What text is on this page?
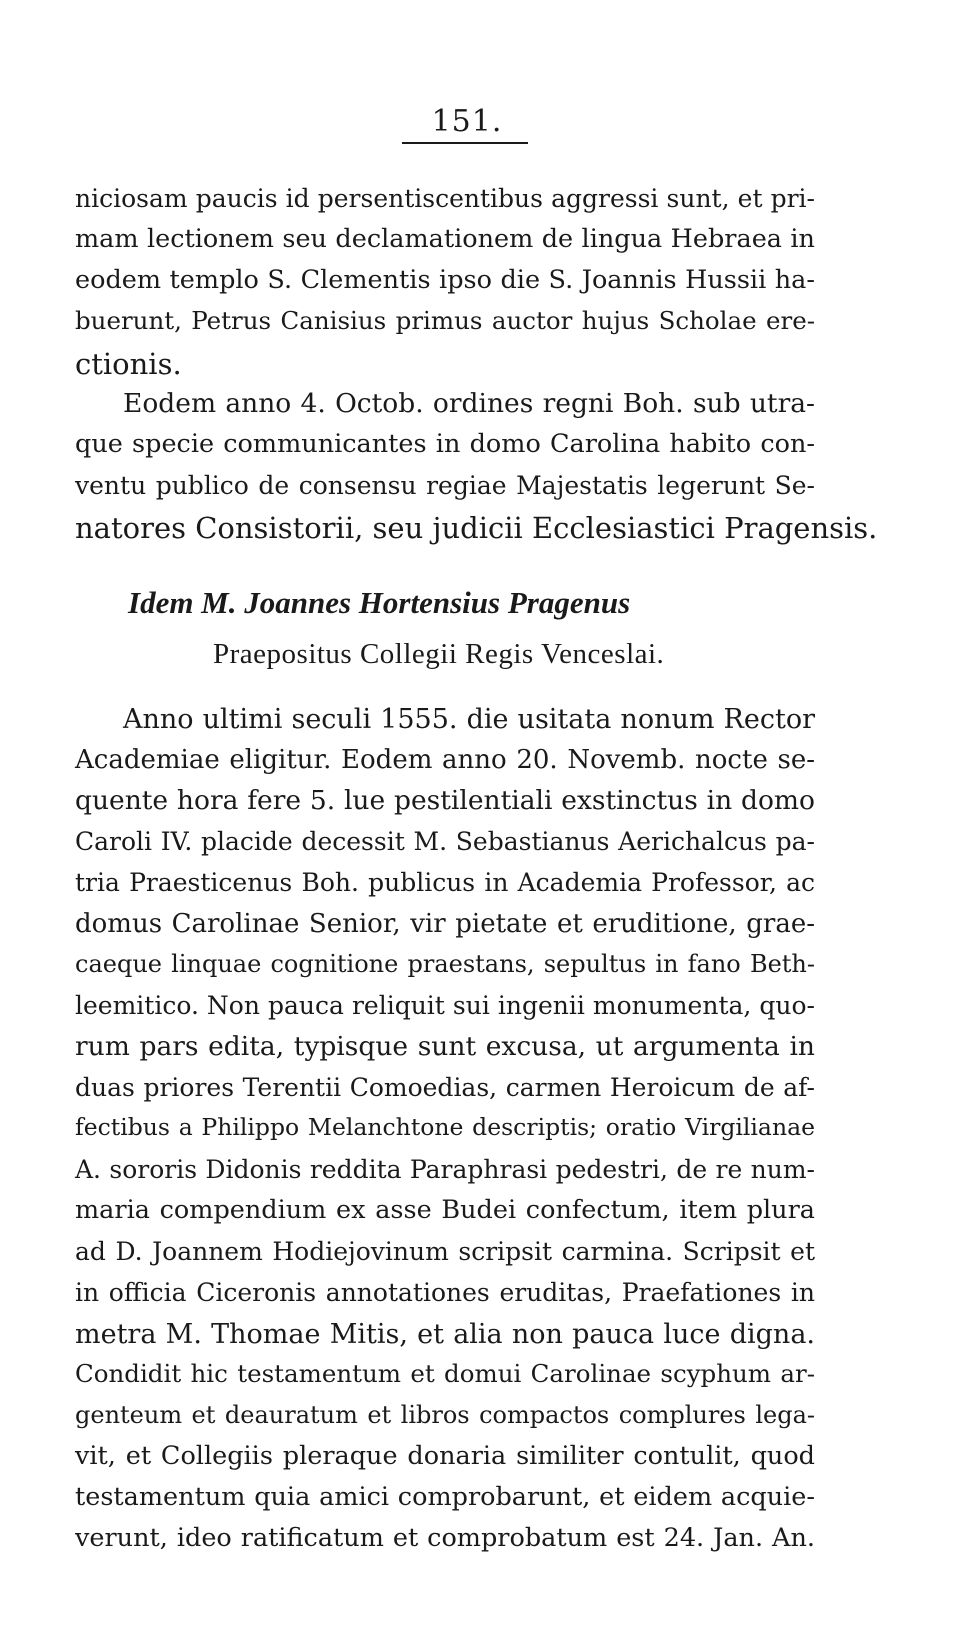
151.
niciosam paucis id persentiscentibus aggressi sunt, et pri-
mam lectionem seu declamationem de lingua Hebraea in
eodem templo S. Clementis ipso die S. Joannis Hussii ha-
buerunt, Petrus Canisius primus auctor hujus Scholae ere-
ctionis.
Eodem anno 4. Octob. ordines regni Boh. sub utra-
que specie communicantes in domo Carolina habito con-
ventu publico de consensu regiae Majestatis legerunt Se-
natores Consistorii, seu judicii Ecclesiastici Pragensis.
Idem M. Joannes Hortensius Pragenus
Praepositus Collegii Regis Venceslai.
Anno ultimi seculi 1555. die usitata nonum Rector
Academiae eligitur. Eodem anno 20. Novemb. nocte se-
quente hora fere 5. lue pestilentiali exstinctus in domo
Caroli IV. placide decessit M. Sebastianus Aerichalcus pa-
tria Praesticenus Boh. publicus in Academia Professor, ac
domus Carolinae Senior, vir pietate et eruditione, grae-
caeque linquae cognitione praestans, sepultus in fano Beth-
leemitico. Non pauca reliquit sui ingenii monumenta, quo-
rum pars edita, typisque sunt excusa, ut argumenta in
duas priores Terentii Comoedias, carmen Heroicum de af-
fectibus a Philippo Melanchtone descriptis; oratio Virgilianae
A. sororis Didonis reddita Paraphrasi pedestri, de re num-
maria compendium ex asse Budei confectum, item plura
ad D. Joannem Hodiejovinum scripsit carmina. Scripsit et
in officia Ciceronis annotationes eruditas, Praefationes in
metra M. Thomae Mitis, et alia non pauca luce digna.
Condidit hic testamentum et domui Carolinae scyphum ar-
genteum et deauratum et libros compactos complures lega-
vit, et Collegiis pleraque donaria similiter contulit, quod
testamentum quia amici comprobarunt, et eidem acquie-
verunt, ideo ratificatum et comprobatum est 24. Jan. An.
